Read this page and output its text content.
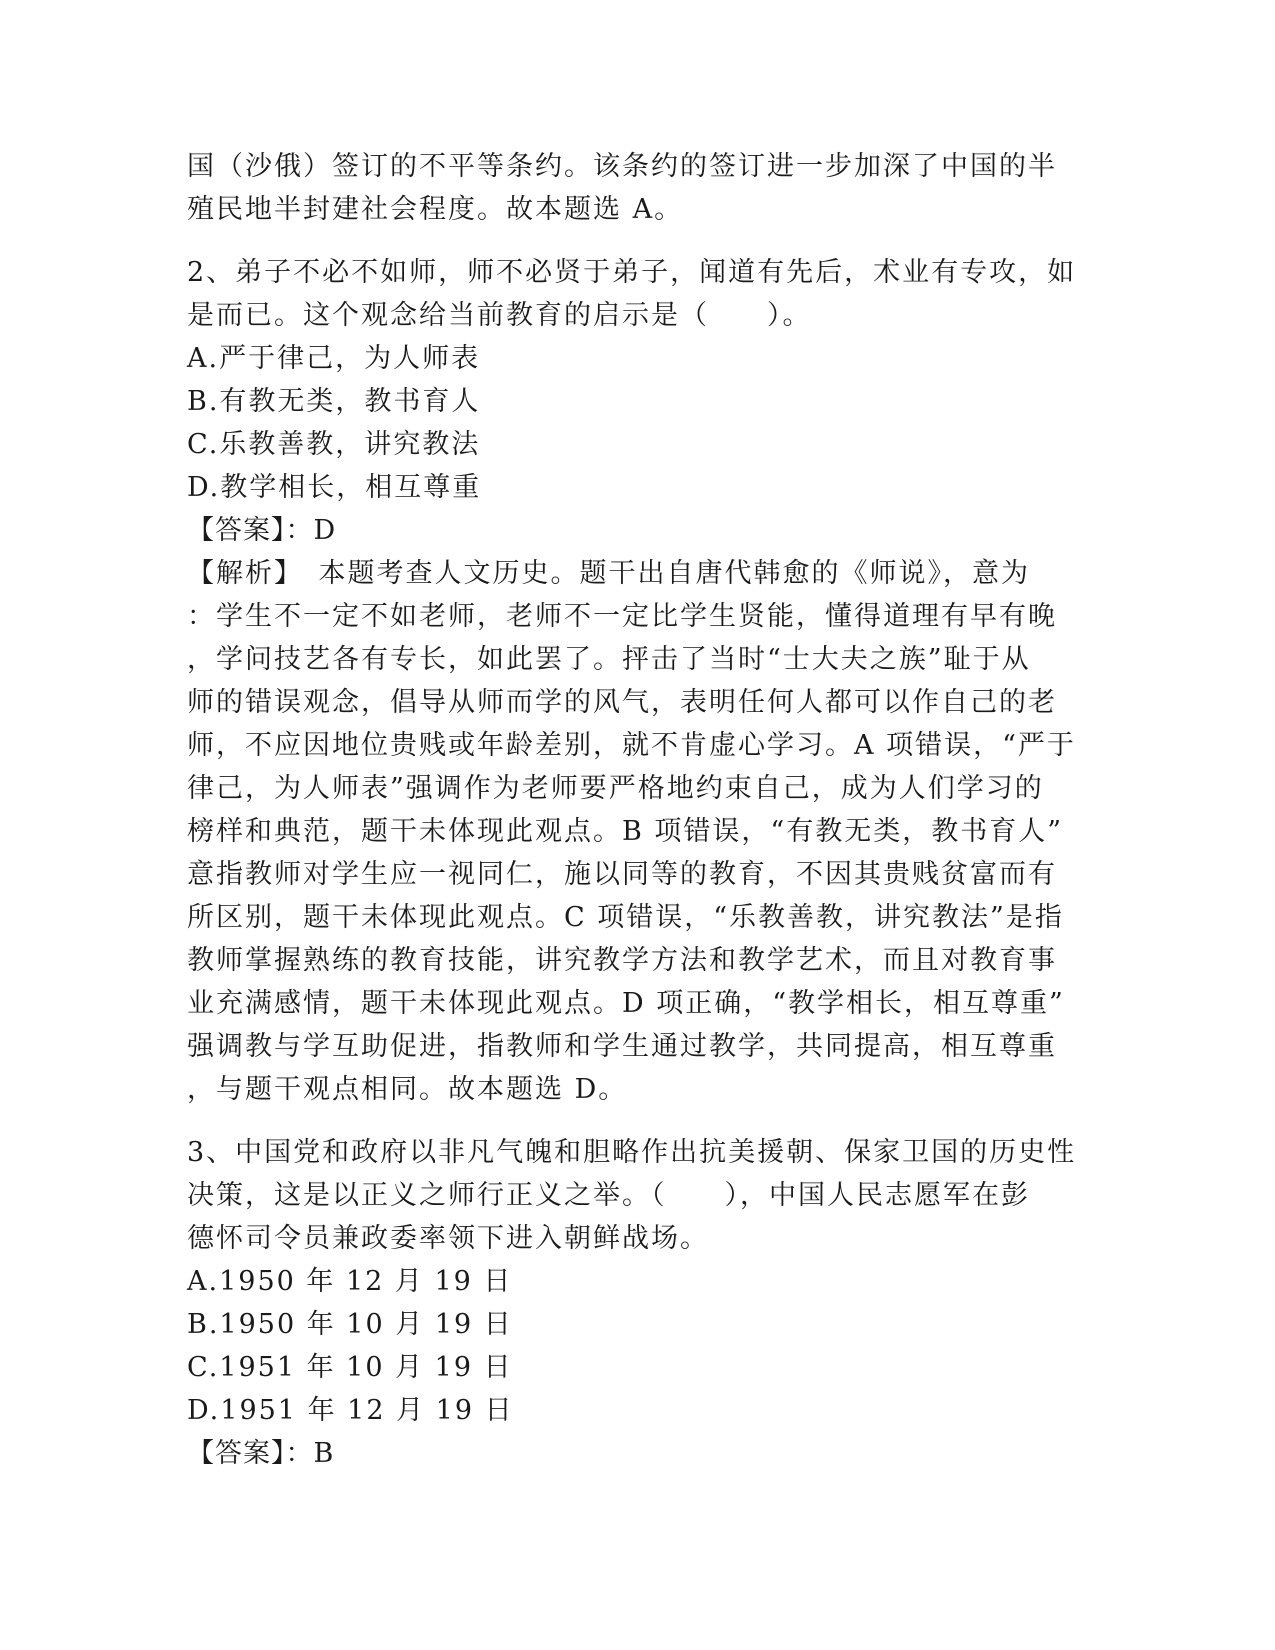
国（沙俄）签订的不平等条约。该条约的签订进一步加深了中国的半
殖民地半封建社会程度。故本题选 A。
2、弟子不必不如师，师不必贤于弟子，闻道有先后，术业有专攻，如
是而已。这个观念给当前教育的启示是（　　）。
A.严于律己，为人师表
B.有教无类，教书育人
C.乐教善教，讲究教法
D.教学相长，相互尊重
【答案】：D
【解析】　本题考查人文历史。题干出自唐代韩愈的《师说》，意为
：学生不一定不如老师，老师不一定比学生贤能，懂得道理有早有晚
，学问技艺各有专长，如此罢了。抨击了当时“士大夫之族”耻于从
师的错误观念，倡导从师而学的风气，表明任何人都可以作自己的老
师，不应因地位贵贱或年龄差别，就不肯虚心学习。A 项错误，“严于
律己，为人师表”强调作为老师要严格地约束自己，成为人们学习的
榜样和典范，题干未体现此观点。B 项错误，“有教无类，教书育人”
意指教师对学生应一视同仁，施以同等的教育，不因其贵贱贫富而有
所区别，题干未体现此观点。C 项错误，“乐教善教，讲究教法”是指
教师掌握熟练的教育技能，讲究教学方法和教学艺术，而且对教育事
业充满感情，题干未体现此观点。D 项正确，“教学相长，相互尊重”
强调教与学互助促进，指教师和学生通过教学，共同提高，相互尊重
，与题干观点相同。故本题选 D。
3、中国党和政府以非凡气魄和胆略作出抗美援朝、保家卫国的历史性
决策，这是以正义之师行正义之举。（　　），中国人民志愿军在彭
德怀司令员兼政委率领下进入朝鲜战场。
A.1950 年 12 月 19 日
B.1950 年 10 月 19 日
C.1951 年 10 月 19 日
D.1951 年 12 月 19 日
【答案】：B
